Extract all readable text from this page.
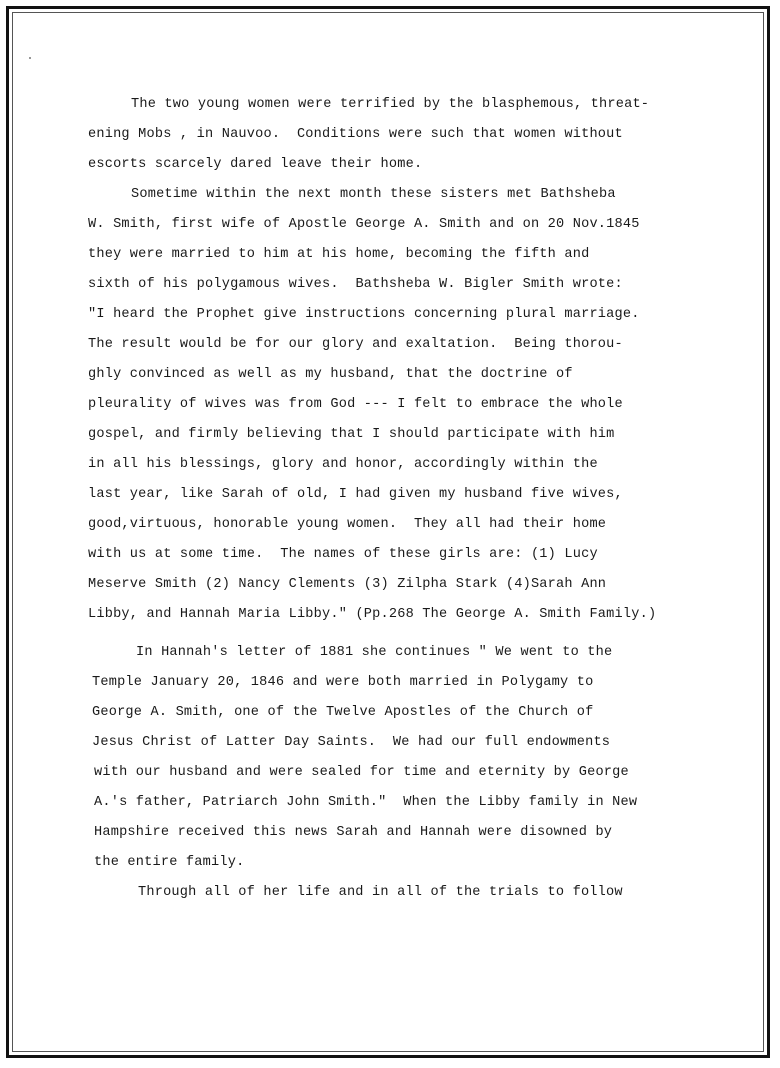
The two young women were terrified by the blasphemous, threat-
ening Mobs , in Nauvoo.  Conditions were such that women without
escorts scarcely dared leave their home.
Sometime within the next month these sisters met Bathsheba
W. Smith, first wife of Apostle George A. Smith and on 20 Nov.1845
they were married to him at his home, becoming the fifth and
sixth of his polygamous wives.  Bathsheba W. Bigler Smith wrote:
"I heard the Prophet give instructions concerning plural marriage.
The result would be for our glory and exaltation.  Being thorou-
ghly convinced as well as my husband, that the doctrine of
pleurality of wives was from God --- I felt to embrace the whole
gospel, and firmly believing that I should participate with him
in all his blessings, glory and honor, accordingly within the
last year, like Sarah of old, I had given my husband five wives,
good,virtuous, honorable young women.  They all had their home
with us at some time.  The names of these girls are: (1) Lucy
Meserve Smith (2) Nancy Clements (3) Zilpha Stark (4)Sarah Ann
Libby, and Hannah Maria Libby." (Pp.268 The George A. Smith Family.)
In Hannah's letter of 1881 she continues " We went to the
Temple January 20, 1846 and were both married in Polygamy to
George A. Smith, one of the Twelve Apostles of the Church of
Jesus Christ of Latter Day Saints.  We had our full endowments
with our husband and were sealed for time and eternity by George
A.'s father, Patriarch John Smith."  When the Libby family in New
Hampshire received this news Sarah and Hannah were disowned by
the entire family.
Through all of her life and in all of the trials to follow
